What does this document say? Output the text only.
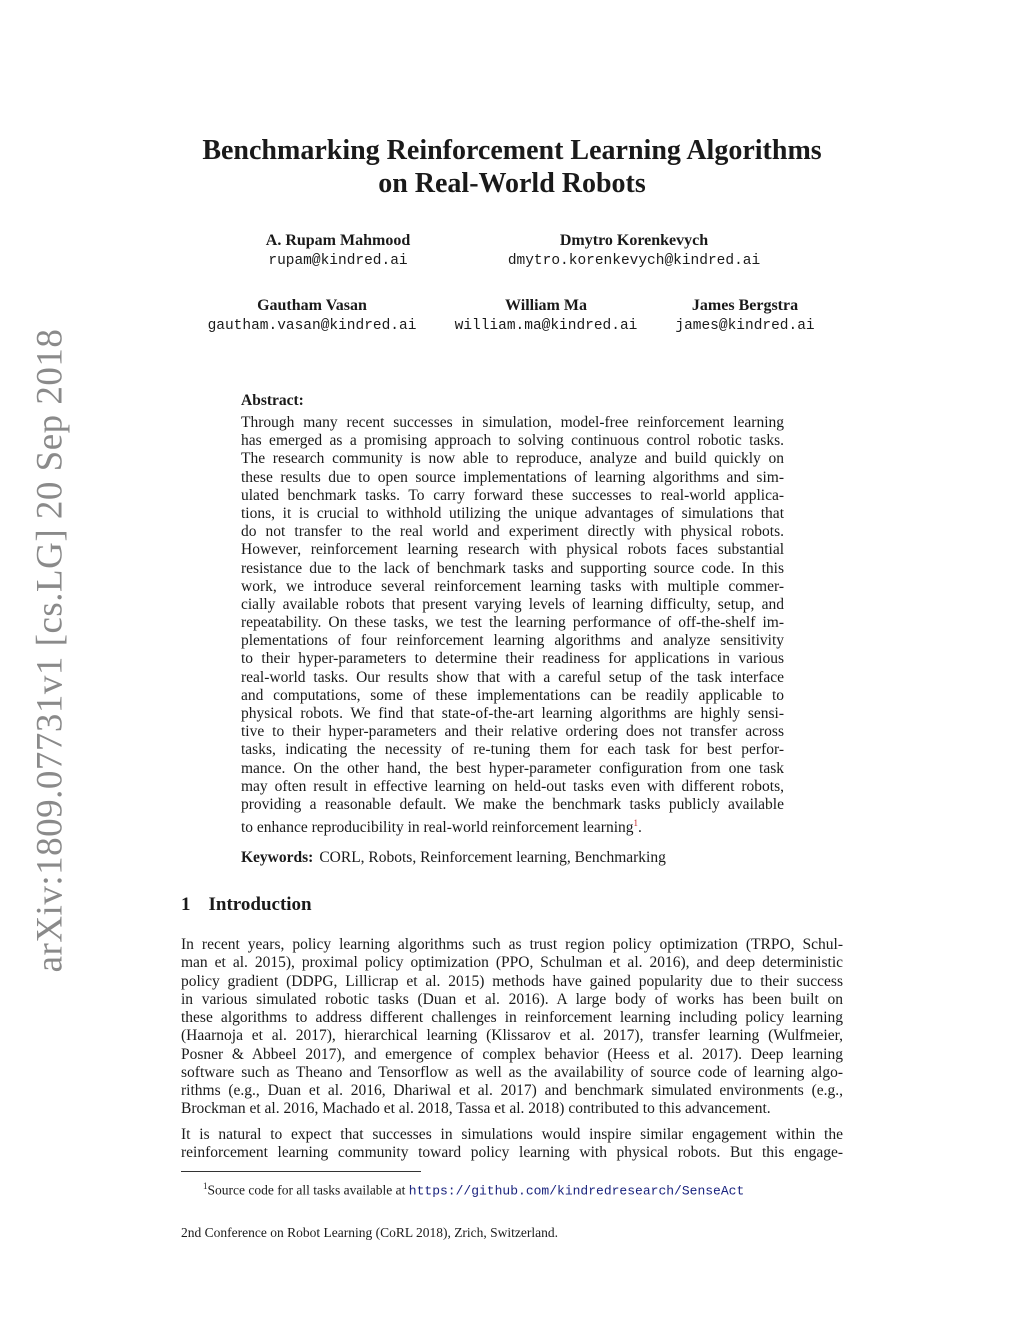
arXiv:1809.07731v1 [cs.LG] 20 Sep 2018
Benchmarking Reinforcement Learning Algorithms
on Real-World Robots
A. Rupam Mahmood
rupam@kindred.ai
Dmytro Korenkevych
dmytro.korenkevych@kindred.ai
Gautham Vasan
gautham.vasan@kindred.ai
William Ma
william.ma@kindred.ai
James Bergstra
james@kindred.ai
Abstract:
Through many recent successes in simulation, model-free reinforcement learning
has emerged as a promising approach to solving continuous control robotic tasks.
The research community is now able to reproduce, analyze and build quickly on
these results due to open source implementations of learning algorithms and sim-
ulated benchmark tasks. To carry forward these successes to real-world applica-
tions, it is crucial to withhold utilizing the unique advantages of simulations that
do not transfer to the real world and experiment directly with physical robots.
However, reinforcement learning research with physical robots faces substantial
resistance due to the lack of benchmark tasks and supporting source code. In this
work, we introduce several reinforcement learning tasks with multiple commer-
cially available robots that present varying levels of learning difficulty, setup, and
repeatability. On these tasks, we test the learning performance of off-the-shelf im-
plementations of four reinforcement learning algorithms and analyze sensitivity
to their hyper-parameters to determine their readiness for applications in various
real-world tasks. Our results show that with a careful setup of the task interface
and computations, some of these implementations can be readily applicable to
physical robots. We find that state-of-the-art learning algorithms are highly sensi-
tive to their hyper-parameters and their relative ordering does not transfer across
tasks, indicating the necessity of re-tuning them for each task for best perfor-
mance. On the other hand, the best hyper-parameter configuration from one task
may often result in effective learning on held-out tasks even with different robots,
providing a reasonable default. We make the benchmark tasks publicly available
to enhance reproducibility in real-world reinforcement learning$^1$.
Keywords: CORL, Robots, Reinforcement learning, Benchmarking
1 Introduction
In recent years, policy learning algorithms such as trust region policy optimization (TRPO, Schul-
man et al. 2015), proximal policy optimization (PPO, Schulman et al. 2016), and deep deterministic
policy gradient (DDPG, Lillicrap et al. 2015) methods have gained popularity due to their success
in various simulated robotic tasks (Duan et al. 2016). A large body of works has been built on
these algorithms to address different challenges in reinforcement learning including policy learning
(Haarnoja et al. 2017), hierarchical learning (Klissarov et al. 2017), transfer learning (Wulfmeier,
Posner & Abbeel 2017), and emergence of complex behavior (Heess et al. 2017). Deep learning
software such as Theano and Tensorflow as well as the availability of source code of learning algo-
rithms (e.g., Duan et al. 2016, Dhariwal et al. 2017) and benchmark simulated environments (e.g.,
Brockman et al. 2016, Machado et al. 2018, Tassa et al. 2018) contributed to this advancement.
It is natural to expect that successes in simulations would inspire similar engagement within the
reinforcement learning community toward policy learning with physical robots. But this engage-
$^1$Source code for all tasks available at https://github.com/kindredresearch/SenseAct
2nd Conference on Robot Learning (CoRL 2018), Zrich, Switzerland.
